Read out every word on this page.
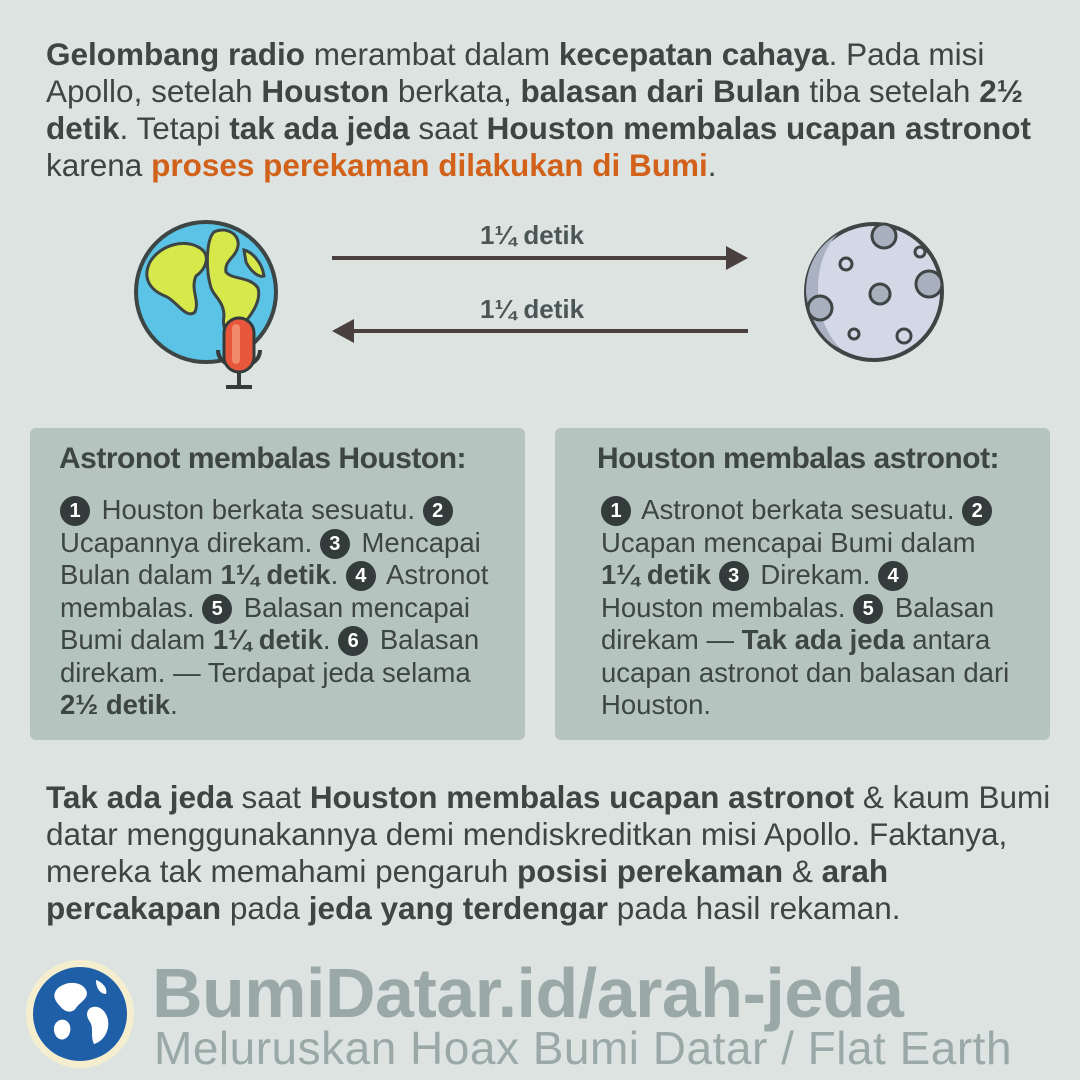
Gelombang radio merambat dalam kecepatan cahaya. Pada misi Apollo, setelah Houston berkata, balasan dari Bulan tiba setelah 2½ detik. Tetapi tak ada jeda saat Houston membalas ucapan astronot karena proses perekaman dilakukan di Bumi.
1¼ detik
1¼ detik
Astronot membalas Houston:
1 Houston berkata sesuatu. 2 Ucapannya direkam. 3 Mencapai Bulan dalam 1¼ detik. 4 Astronot membalas. 5 Balasan mencapai Bumi dalam 1¼ detik. 6 Balasan direkam. — Terdapat jeda selama 2½ detik.
Houston membalas astronot:
1 Astronot berkata sesuatu. 2 Ucapan mencapai Bumi dalam 1¼ detik 3 Direkam. 4 Houston membalas. 5 Balasan direkam — Tak ada jeda antara ucapan astronot dan balasan dari Houston.
Tak ada jeda saat Houston membalas ucapan astronot & kaum Bumi datar menggunakannya demi mendiskreditkan misi Apollo. Faktanya, mereka tak memahami pengaruh posisi perekaman & arah percakapan pada jeda yang terdengar pada hasil rekaman.
BumiDatar.id/arah-jeda
Meluruskan Hoax Bumi Datar / Flat Earth
